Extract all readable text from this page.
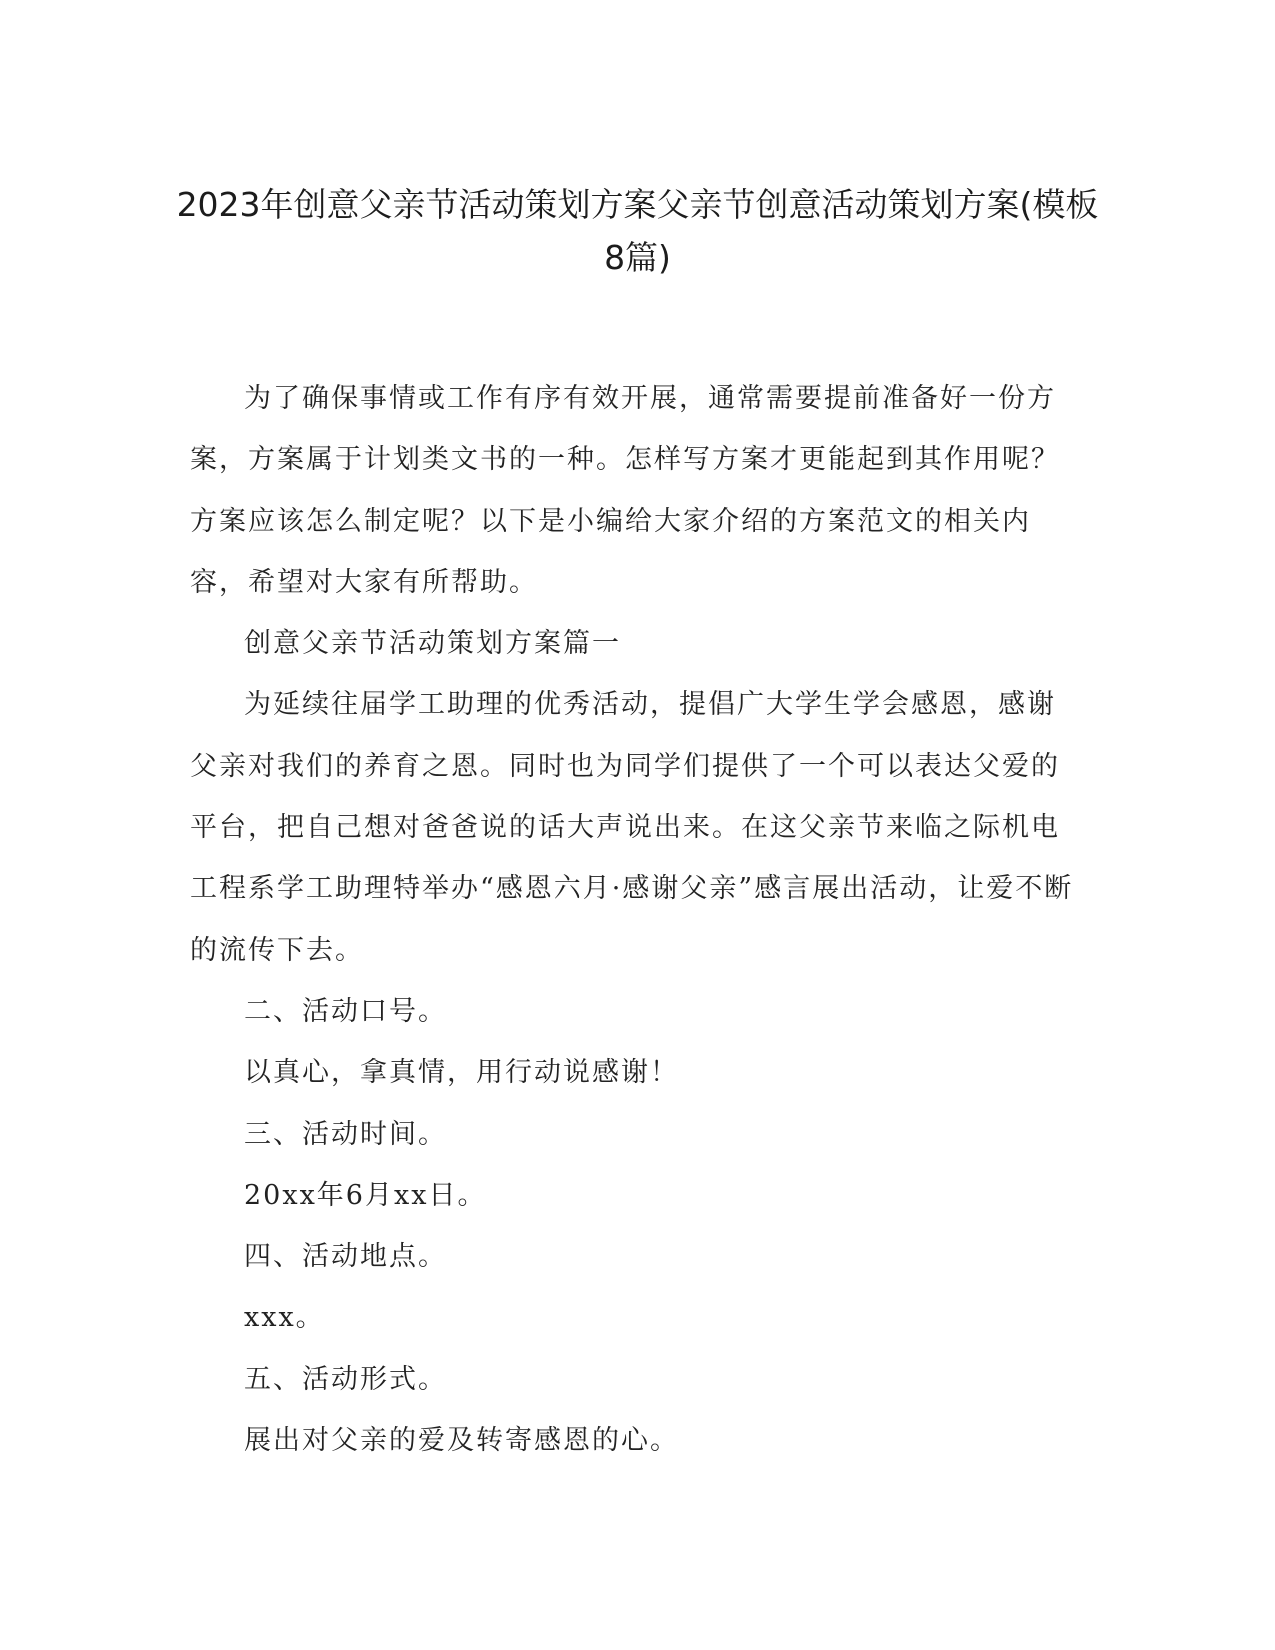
2023年创意父亲节活动策划方案父亲节创意活动策划方案(模板8篇)

为了确保事情或工作有序有效开展，通常需要提前准备好一份方案，方案属于计划类文书的一种。怎样写方案才更能起到其作用呢？方案应该怎么制定呢？以下是小编给大家介绍的方案范文的相关内容，希望对大家有所帮助。

创意父亲节活动策划方案篇一

为延续往届学工助理的优秀活动，提倡广大学生学会感恩，感谢父亲对我们的养育之恩。同时也为同学们提供了一个可以表达父爱的平台，把自己想对爸爸说的话大声说出来。在这父亲节来临之际机电工程系学工助理特举办“感恩六月·感谢父亲”感言展出活动，让爱不断的流传下去。

二、活动口号。

以真心，拿真情，用行动说感谢！

三、活动时间。

20xx年6月xx日。

四、活动地点。

xxx。

五、活动形式。

展出对父亲的爱及转寄感恩的心。
